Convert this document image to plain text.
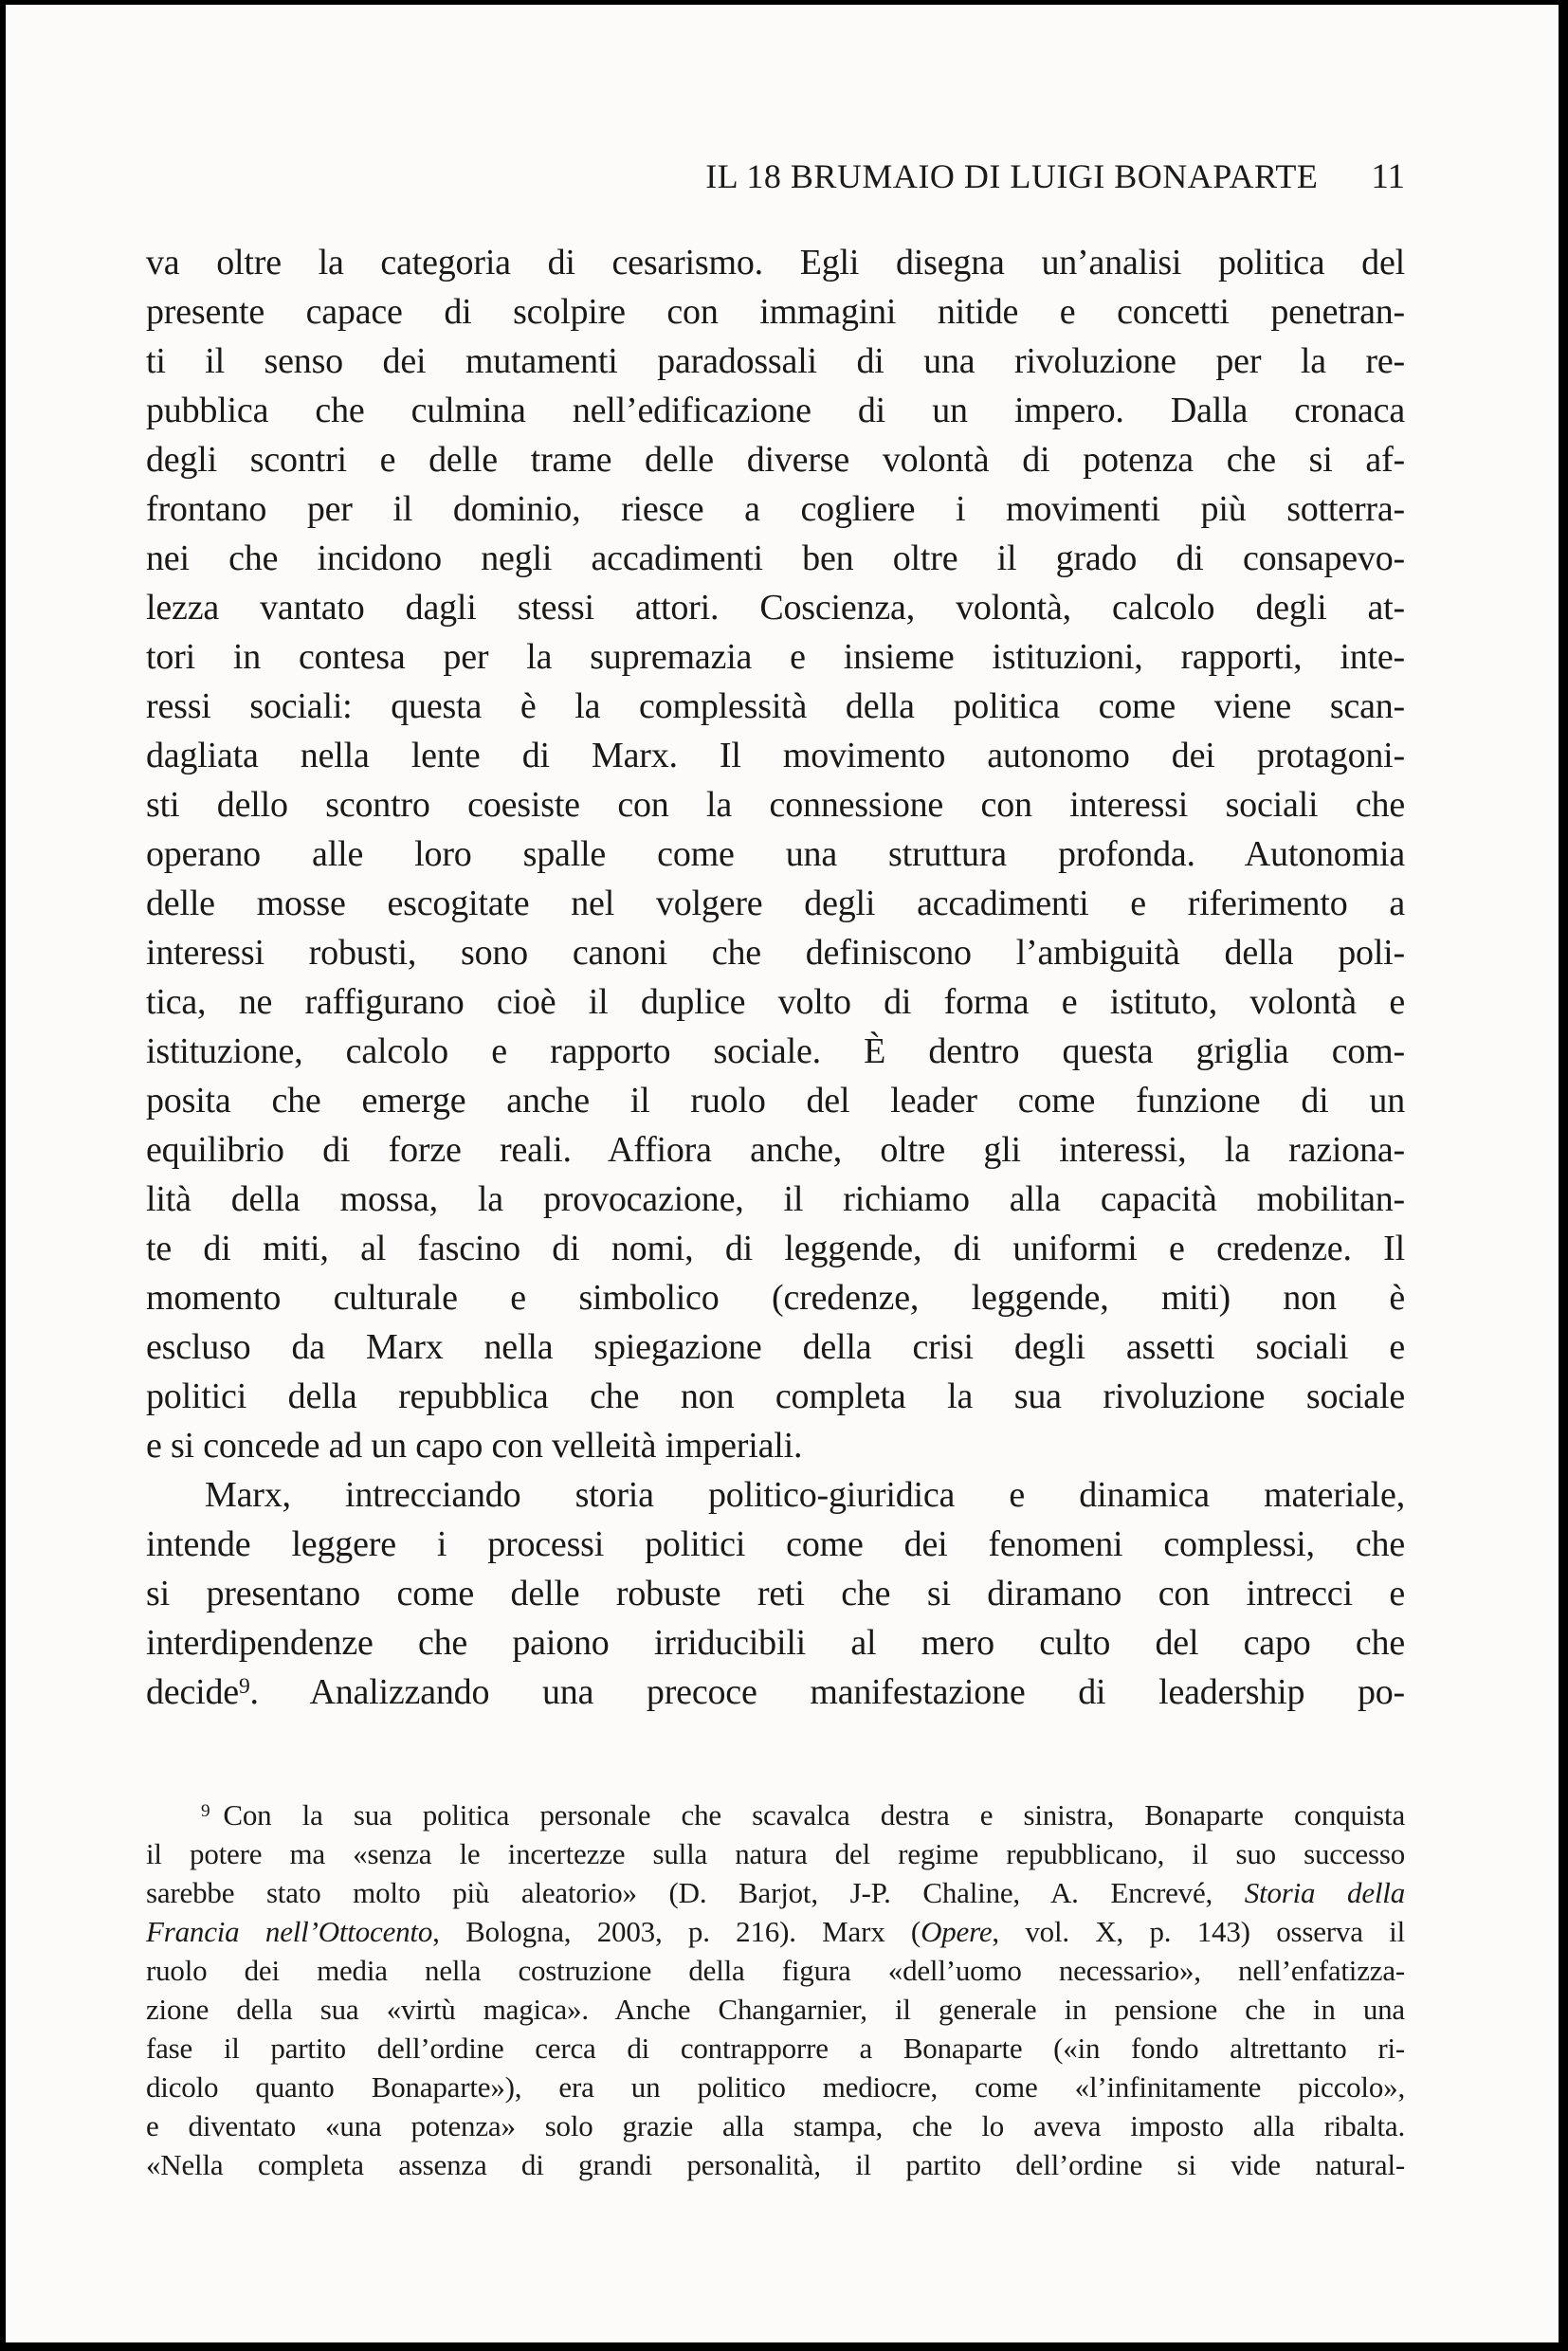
IL 18 BRUMAIO DI LUIGI BONAPARTE 11
va oltre la categoria di cesarismo. Egli disegna un’analisi politica del
presente capace di scolpire con immagini nitide e concetti penetran-
ti il senso dei mutamenti paradossali di una rivoluzione per la re-
pubblica che culmina nell’edificazione di un impero. Dalla cronaca
degli scontri e delle trame delle diverse volontà di potenza che si af-
frontano per il dominio, riesce a cogliere i movimenti più sotterra-
nei che incidono negli accadimenti ben oltre il grado di consapevo-
lezza vantato dagli stessi attori. Coscienza, volontà, calcolo degli at-
tori in contesa per la supremazia e insieme istituzioni, rapporti, inte-
ressi sociali: questa è la complessità della politica come viene scan-
dagliata nella lente di Marx. Il movimento autonomo dei protagoni-
sti dello scontro coesiste con la connessione con interessi sociali che
operano alle loro spalle come una struttura profonda. Autonomia
delle mosse escogitate nel volgere degli accadimenti e riferimento a
interessi robusti, sono canoni che definiscono l’ambiguità della poli-
tica, ne raffigurano cioè il duplice volto di forma e istituto, volontà e
istituzione, calcolo e rapporto sociale. È dentro questa griglia com-
posita che emerge anche il ruolo del leader come funzione di un
equilibrio di forze reali. Affiora anche, oltre gli interessi, la raziona-
lità della mossa, la provocazione, il richiamo alla capacità mobilitan-
te di miti, al fascino di nomi, di leggende, di uniformi e credenze. Il
momento culturale e simbolico (credenze, leggende, miti) non è
escluso da Marx nella spiegazione della crisi degli assetti sociali e
politici della repubblica che non completa la sua rivoluzione sociale
e si concede ad un capo con velleità imperiali.
Marx, intrecciando storia politico-giuridica e dinamica materiale,
intende leggere i processi politici come dei fenomeni complessi, che
si presentano come delle robuste reti che si diramano con intrecci e
interdipendenze che paiono irriducibili al mero culto del capo che
decide$^9$. Analizzando una precoce manifestazione di leadership po-
$^9$ Con la sua politica personale che scavalca destra e sinistra, Bonaparte conquista
il potere ma «senza le incertezze sulla natura del regime repubblicano, il suo successo
sarebbe stato molto più aleatorio» (D. Barjot, J-P. Chaline, A. Encrevé, Storia della
Francia nell’Ottocento, Bologna, 2003, p. 216). Marx (Opere, vol. X, p. 143) osserva il
ruolo dei media nella costruzione della figura «dell’uomo necessario», nell’enfatizza-
zione della sua «virtù magica». Anche Changarnier, il generale in pensione che in una
fase il partito dell’ordine cerca di contrapporre a Bonaparte («in fondo altrettanto ri-
dicolo quanto Bonaparte»), era un politico mediocre, come «l’infinitamente piccolo»,
e diventato «una potenza» solo grazie alla stampa, che lo aveva imposto alla ribalta.
«Nella completa assenza di grandi personalità, il partito dell’ordine si vide natural-
